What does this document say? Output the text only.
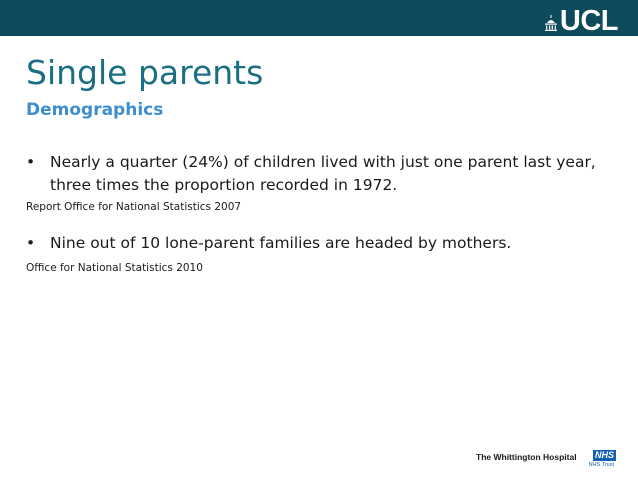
UCL
Single parents
Demographics
• Nearly a quarter (24%) of children lived with just one parent last year, three times the proportion recorded in 1972.
Report Office for National Statistics 2007
• Nine out of 10 lone-parent families are headed by mothers.
Office for National Statistics 2010
The Whittington Hospital NHS
NHS Trust
